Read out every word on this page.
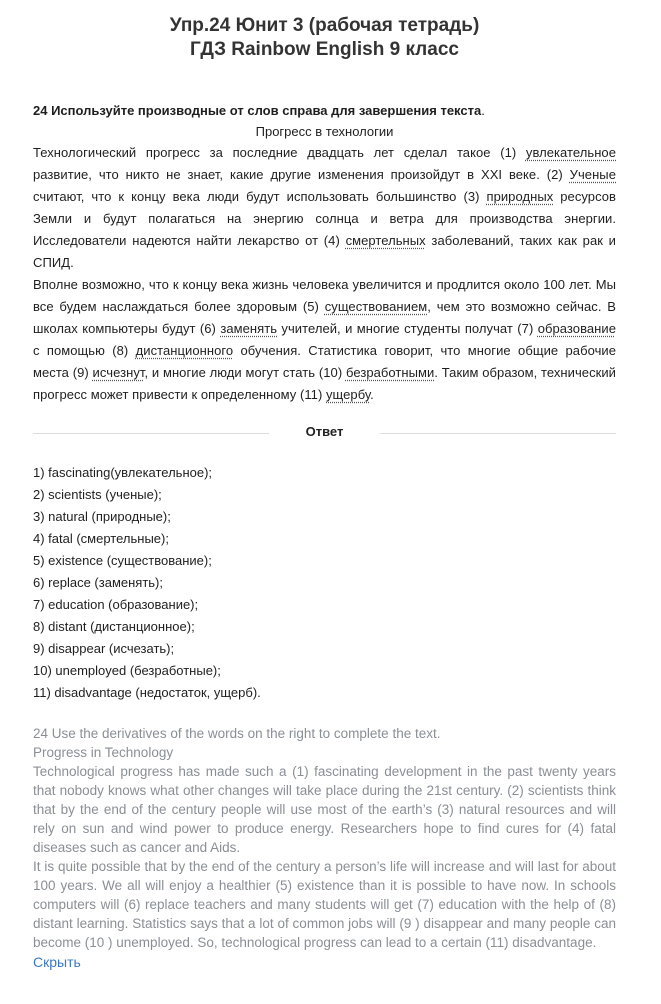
Упр.24 Юнит 3 (рабочая тетрадь)
ГДЗ Rainbow English 9 класс
24 Используйте производные от слов справа для завершения текста.
Прогресс в технологии
Технологический прогресс за последние двадцать лет сделал такое (1) увлекательное развитие, что никто не знает, какие другие изменения произойдут в XXI веке. (2) Ученые считают, что к концу века люди будут использовать большинство (3) природных ресурсов Земли и будут полагаться на энергию солнца и ветра для производства энергии. Исследователи надеются найти лекарство от (4) смертельных заболеваний, таких как рак и СПИД.
Вполне возможно, что к концу века жизнь человека увеличится и продлится около 100 лет. Мы все будем наслаждаться более здоровым (5) существованием, чем это возможно сейчас. В школах компьютеры будут (6) заменять учителей, и многие студенты получат (7) образование с помощью (8) дистанционного обучения. Статистика говорит, что многие общие рабочие места (9) исчезнут, и многие люди могут стать (10) безработными. Таким образом, технический прогресс может привести к определенному (11) ущербу.
Ответ
1) fascinating(увлекательное);
2) scientists (ученые);
3) natural (природные);
4) fatal (смертельные);
5) existence (существование);
6) replace (заменять);
7) education (образование);
8) distant (дистанционное);
9) disappear (исчезать);
10) unemployed (безработные);
11) disadvantage (недостаток, ущерб).

24 Use the derivatives of the words on the right to complete the text.

Progress in Technology

Technological progress has made such a (1) fascinating development in the past twenty years that nobody knows what other changes will take place during the 21st century. (2) scientists think that by the end of the century people will use most of the earth’s (3) natural resources and will rely on sun and wind power to produce energy. Researchers hope to find cures for (4) fatal diseases such as cancer and Aids.

It is quite possible that by the end of the century a person’s life will increase and will last for about 100 years. We all will enjoy a healthier (5) existence than it is possible to have now. In schools computers will (6) replace teachers and many students will get (7) education with the help of (8) distant learning. Statistics says that a lot of common jobs will (9 ) disappear and many people can become (10 ) unemployed. So, technological progress can lead to a certain (11) disadvantage.

Скрыть
